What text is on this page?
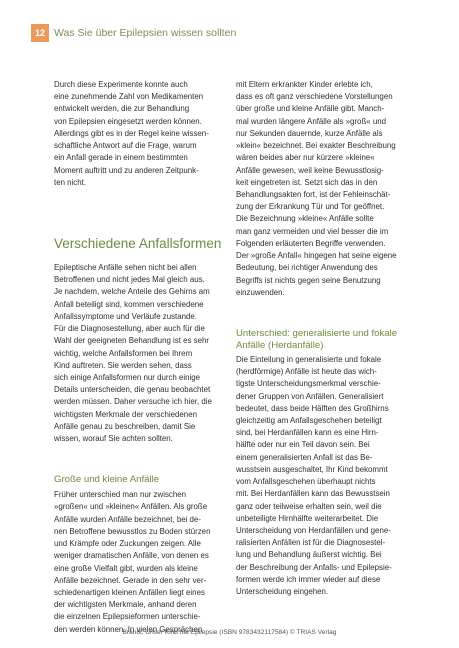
12 Was Sie über Epilepsien wissen sollten

Durch diese Experimente konnte auch
eine zunehmende Zahl von Medikamenten
entwickelt werden, die zur Behandlung
von Epilepsien eingesetzt werden können.
Allerdings gibt es in der Regel keine wissen-
schaftliche Antwort auf die Frage, warum
ein Anfall gerade in einem bestimmten
Moment auftritt und zu anderen Zeitpunk-
ten nicht.

Verschiedene Anfallsformen

Epileptische Anfälle sehen nicht bei allen
Betroffenen und nicht jedes Mal gleich aus.
Je nachdem, welche Anteile des Gehirns am
Anfall beteiligt sind, kommen verschiedene
Anfallssymptome und Verläufe zustande.
Für die Diagnosestellung, aber auch für die
Wahl der geeigneten Behandlung ist es sehr
wichtig, welche Anfallsformen bei Ihrem
Kind auftreten. Sie werden sehen, dass
sich einige Anfallsformen nur durch einige
Details unterscheiden, die genau beobachtet
werden müssen. Daher versuche ich hier, die
wichtigsten Merkmale der verschiedenen
Anfälle genau zu beschreiben, damit Sie
wissen, worauf Sie achten sollten.

Große und kleine Anfälle

Früher unterschied man nur zwischen
»großen« und »kleinen« Anfällen. Als große
Anfälle wurden Anfälle bezeichnet, bei de-
nen Betroffene bewusstlos zu Boden stürzen
und Krämpfe oder Zuckungen zeigen. Alle
weniger dramatischen Anfälle, von denen es
eine große Vielfalt gibt, wurden als kleine
Anfälle bezeichnet. Gerade in den sehr ver-
schiedenartigen kleinen Anfällen liegt eines
der wichtigsten Merkmale, anhand deren
die einzelnen Epilepsieformen unterschie-
den werden können. In vielen Gesprächen

mit Eltern erkrankter Kinder erlebte ich,
dass es oft ganz verschiedene Vorstellungen
über große und kleine Anfälle gibt. Manch-
mal wurden längere Anfälle als »groß« und
nur Sekunden dauernde, kurze Anfälle als
»klein« bezeichnet. Bei exakter Beschreibung
wären beides aber nur kürzere »kleine«
Anfälle gewesen, weil keine Bewusstlosig-
keit eingetreten ist. Setzt sich das in den
Behandlungsakten fort, ist der Fehleinschät-
zung der Erkrankung Tür und Tor geöffnet.
Die Bezeichnung »kleine« Anfälle sollte
man ganz vermeiden und viel besser die im
Folgenden erläuterten Begriffe verwenden.
Der »große Anfall« hingegen hat seine eigene
Bedeutung, bei richtiger Anwendung des
Begriffs ist nichts gegen seine Benutzung
einzuwenden.

Unterschied: generalisierte und fokale
Anfälle (Herdanfälle)

Die Einteilung in generalisierte und fokale
(herdförmige) Anfälle ist heute das wich-
tigste Unterscheidungsmerkmal verschie-
dener Gruppen von Anfällen. Generalisiert
bedeutet, dass beide Hälften des Großhirns
gleichzeitig am Anfallsgeschehen beteiligt
sind, bei Herdanfällen kann es eine Hirn-
hälfte oder nur ein Teil davon sein. Bei
einem generalisierten Anfall ist das Be-
wusstsein ausgeschaltet, Ihr Kind bekommt
vom Anfallsgeschehen überhaupt nichts
mit. Bei Herdanfällen kann das Bewusstsein
ganz oder teilweise erhalten sein, weil die
unbeteiligte Hirnhälfte weiterarbeitet. Die
Unterscheidung von Herdanfällen und gene-
ralisierten Anfällen ist für die Diagnosestel-
lung und Behandlung äußerst wichtig. Bei
der Beschreibung der Anfalls- und Epilepsie-
formen werde ich immer wieder auf diese
Unterscheidung eingehen.

Brandl, Unser Kind hat Epilepsie (ISBN 9783432117584) © TRIAS Verlag
